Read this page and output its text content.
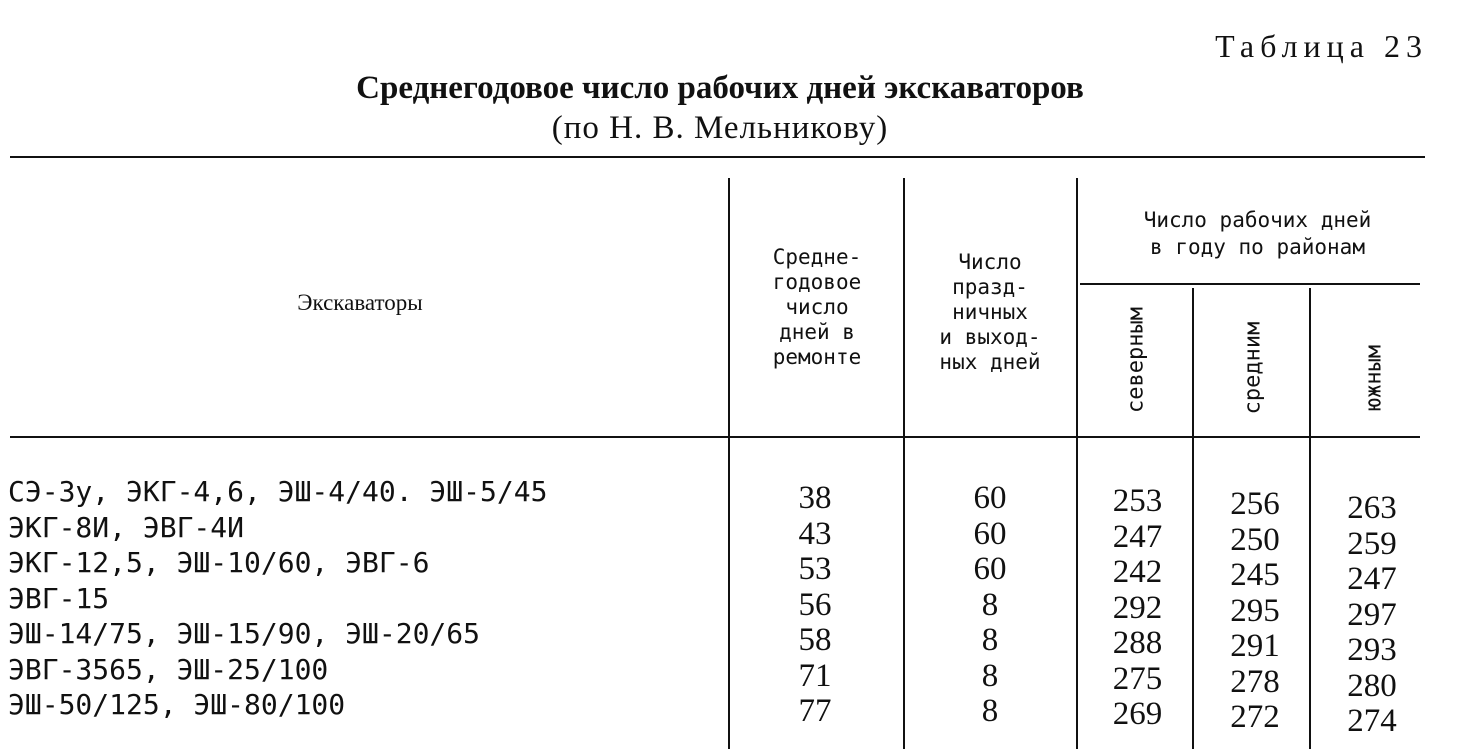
Таблица 23
Среднегодовое число рабочих дней экскаваторов
(по Н. В. Мельникову)
Экскаваторы
Средне-
годовое
число
дней в
ремонте
Число
празд-
ничных
и выход-
ных дней
Число рабочих дней
в году по районам
северным	средним	южным
СЭ-3у, ЭКГ-4,6, ЭШ-4/40. ЭШ-5/45
ЭКГ-8И, ЭВГ-4И
ЭКГ-12,5, ЭШ-10/60, ЭВГ-6
ЭВГ-15
ЭШ-14/75, ЭШ-15/90, ЭШ-20/65
ЭВГ-3565, ЭШ-25/100
ЭШ-50/125, ЭШ-80/100
38
43
53
56
58
71
77
60
60
60
8
8
8
8
253
247
242
292
288
275
269
256
250
245
295
291
278
272
263
259
247
297
293
280
274
